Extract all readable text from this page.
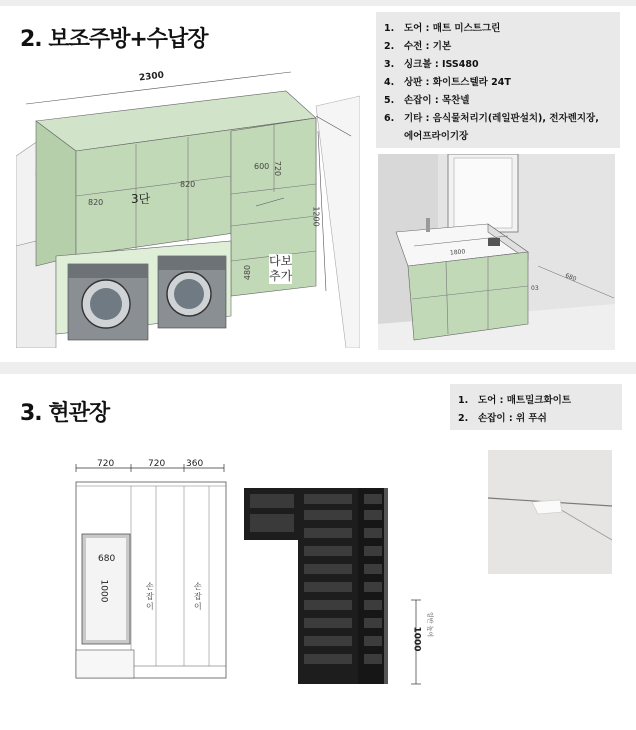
2. 보조주방+수납장
2300
820
820
3단
600 720
1200
480
다보
추가
1.	도어 : 매트 미스트그린
2.	수전 : 기본
3.	싱크볼 : ISS480
4.	상판 : 화이트스텔라 24T
5.	손잡이 : 목찬넬
6.	기타 : 음식물처리기(레일판설치), 전자렌지장, 에어프라이기장
1800
680
03
3. 현관장
1.	도어 : 매트밀크화이트
2.	손잡이 : 위 푸쉬
720	720 360
680
1000	손
잡
이
손
잡
이
1000
일반 높이
